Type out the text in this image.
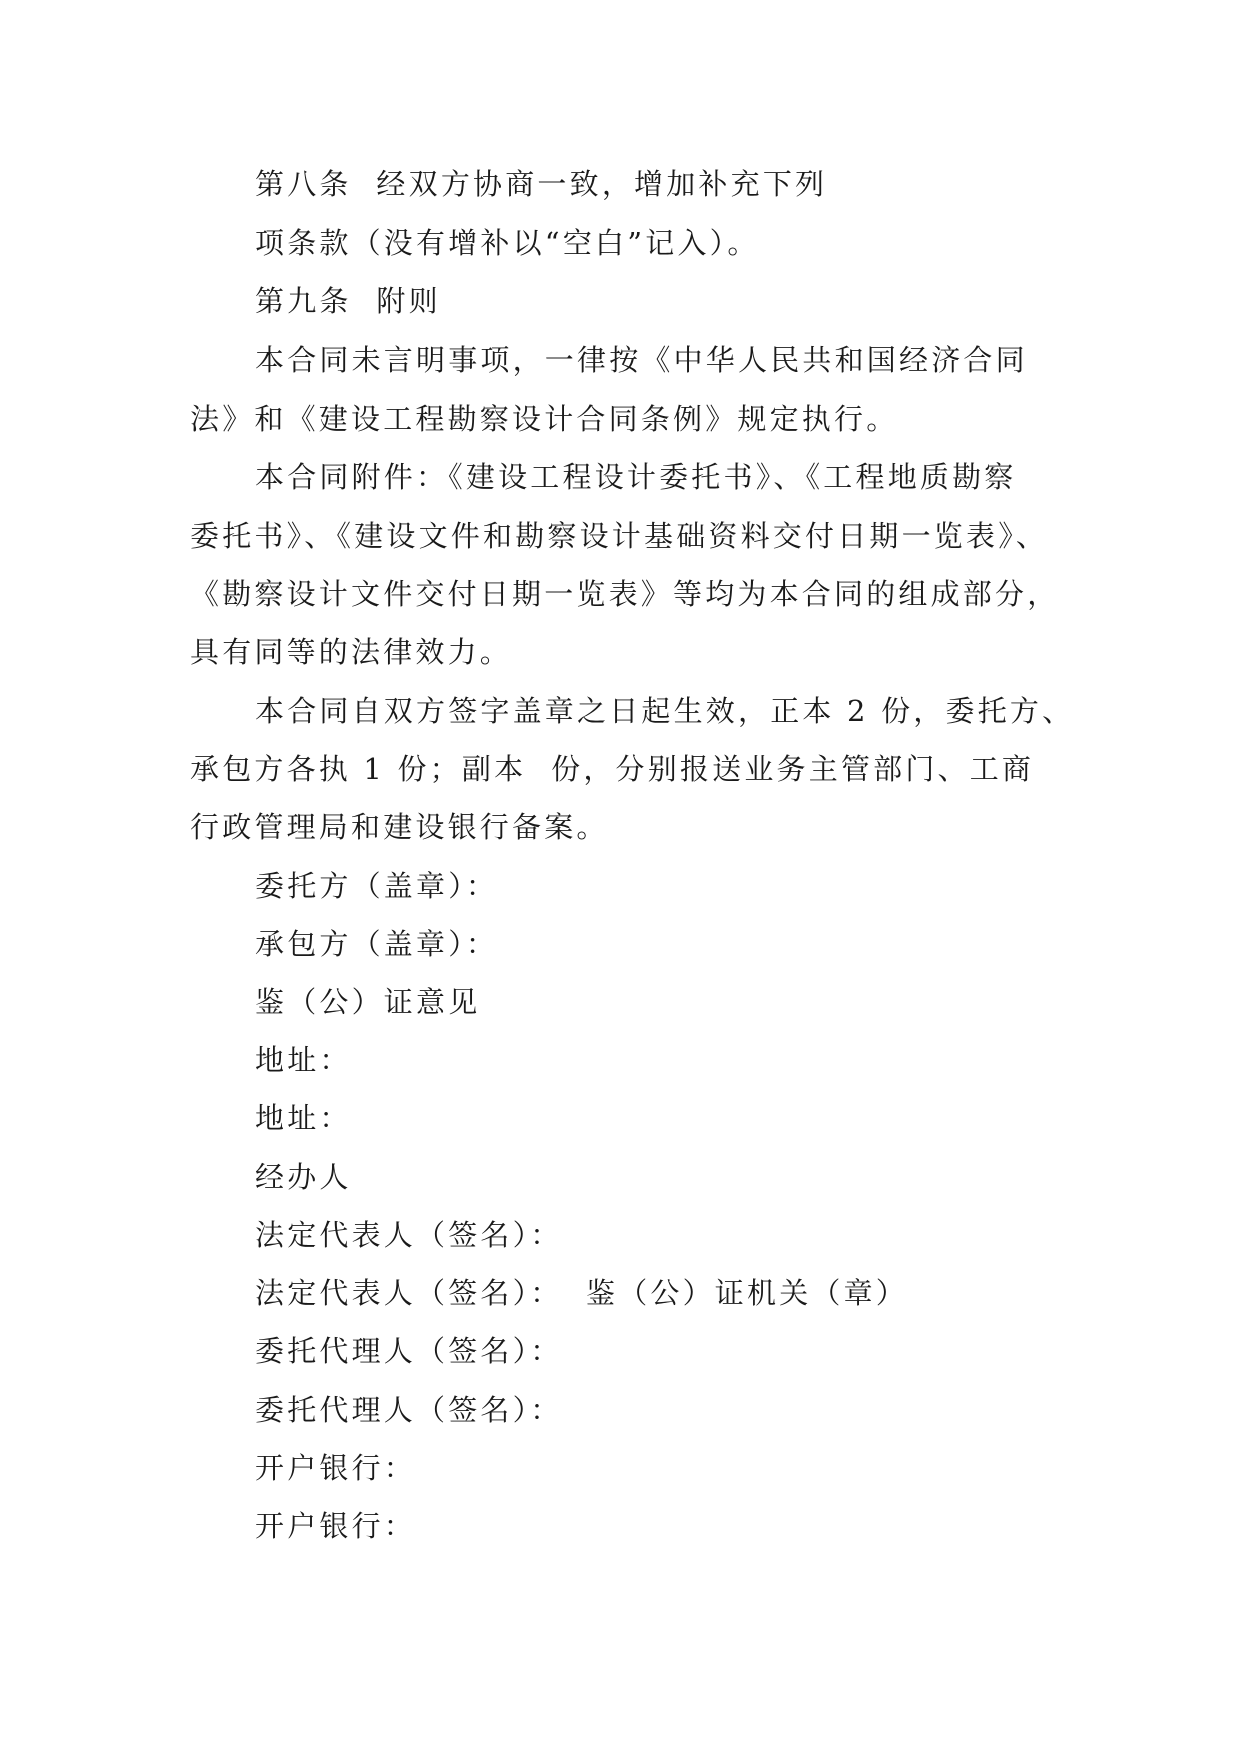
第八条  经双方协商一致，增加补充下列
项条款（没有增补以“空白”记入）。
第九条  附则
本合同未言明事项，一律按《中华人民共和国经济合同
法》和《建设工程勘察设计合同条例》规定执行。
本合同附件：《建设工程设计委托书》、《工程地质勘察
委托书》、《建设文件和勘察设计基础资料交付日期一览表》、
《勘察设计文件交付日期一览表》等均为本合同的组成部分，
具有同等的法律效力。
本合同自双方签字盖章之日起生效，正本 2 份，委托方、
承包方各执 1 份；副本  份，分别报送业务主管部门、工商
行政管理局和建设银行备案。
委托方（盖章）：
承包方（盖章）：
鉴（公）证意见
地址：
地址：
经办人
法定代表人（签名）：
法定代表人（签名）： 鉴（公）证机关（章）
委托代理人（签名）：
委托代理人（签名）：
开户银行：
开户银行：
